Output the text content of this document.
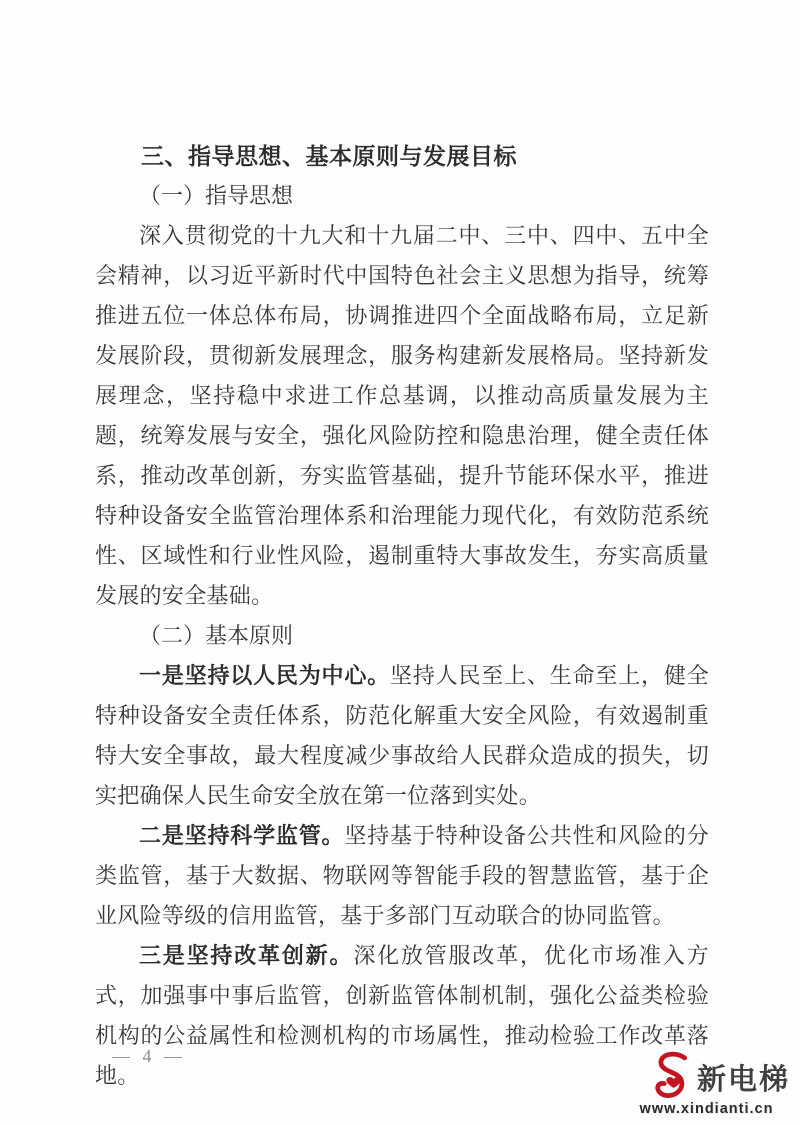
三、指导思想、基本原则与发展目标
（一）指导思想

深入贯彻党的十九大和十九届二中、三中、四中、五中全会精神，以习近平新时代中国特色社会主义思想为指导，统筹推进五位一体总体布局，协调推进四个全面战略布局，立足新发展阶段，贯彻新发展理念，服务构建新发展格局。坚持新发展理念，坚持稳中求进工作总基调，以推动高质量发展为主题，统筹发展与安全，强化风险防控和隐患治理，健全责任体系，推动改革创新，夯实监管基础，提升节能环保水平，推进特种设备安全监管治理体系和治理能力现代化，有效防范系统性、区域性和行业性风险，遏制重特大事故发生，夯实高质量发展的安全基础。

（二）基本原则

一是坚持以人民为中心。坚持人民至上、生命至上，健全特种设备安全责任体系，防范化解重大安全风险，有效遏制重特大安全事故，最大程度减少事故给人民群众造成的损失，切实把确保人民生命安全放在第一位落到实处。

二是坚持科学监管。坚持基于特种设备公共性和风险的分类监管，基于大数据、物联网等智能手段的智慧监管，基于企业风险等级的信用监管，基于多部门互动联合的协同监管。

三是坚持改革创新。深化放管服改革，优化市场准入方式，加强事中事后监管，创新监管体制机制，强化公益类检验机构的公益属性和检测机构的市场属性，推动检验工作改革落地。

— 4 —
新电梯
www.xindianti.cn
